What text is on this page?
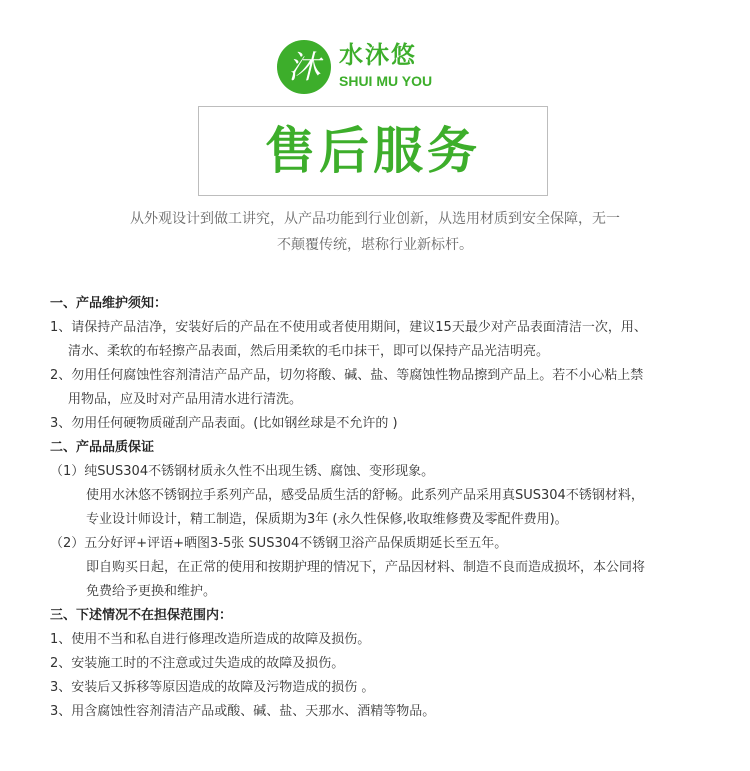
沐 水沐悠
SHUI MU YOU
售后服务
从外观设计到做工讲究，从产品功能到行业创新，从选用材质到安全保障，无一
不颠覆传统，堪称行业新标杆。

一、产品维护须知：

1、请保持产品洁净，安装好后的产品在不使用或者使用期间，建议15天最少对产品表面清洁一次，用、

清水、柔软的布轻擦产品表面，然后用柔软的毛巾抹干，即可以保持产品光洁明亮。

2、勿用任何腐蚀性容剂清洁产品产品，切勿将酸、碱、盐、等腐蚀性物品擦到产品上。若不小心粘上禁

用物品，应及时对产品用清水进行清洗。

3、勿用任何硬物质碰刮产品表面。(比如钢丝球是不允许的 )

二、产品品质保证

（1）纯SUS304不锈钢材质永久性不出现生锈、腐蚀、变形现象。

使用水沐悠不锈钢拉手系列产品，感受品质生活的舒畅。此系列产品采用真SUS304不锈钢材料，

专业设计师设计，精工制造，保质期为3年 (永久性保修,收取维修费及零配件费用)。

（2）五分好评+评语+晒图3-5张 SUS304不锈钢卫浴产品保质期延长至五年。

即自购买日起，在正常的使用和按期护理的情况下，产品因材料、制造不良而造成损坏，本公同将

免费给予更换和维护。

三、下述情况不在担保范围内：

1、使用不当和私自进行修理改造所造成的故障及损伤。

2、安装施工时的不注意或过失造成的故障及损伤。

3、安装后又拆移等原因造成的故障及污物造成的损伤 。

3、用含腐蚀性容剂清洁产品或酸、碱、盐、天那水、酒精等物品。
